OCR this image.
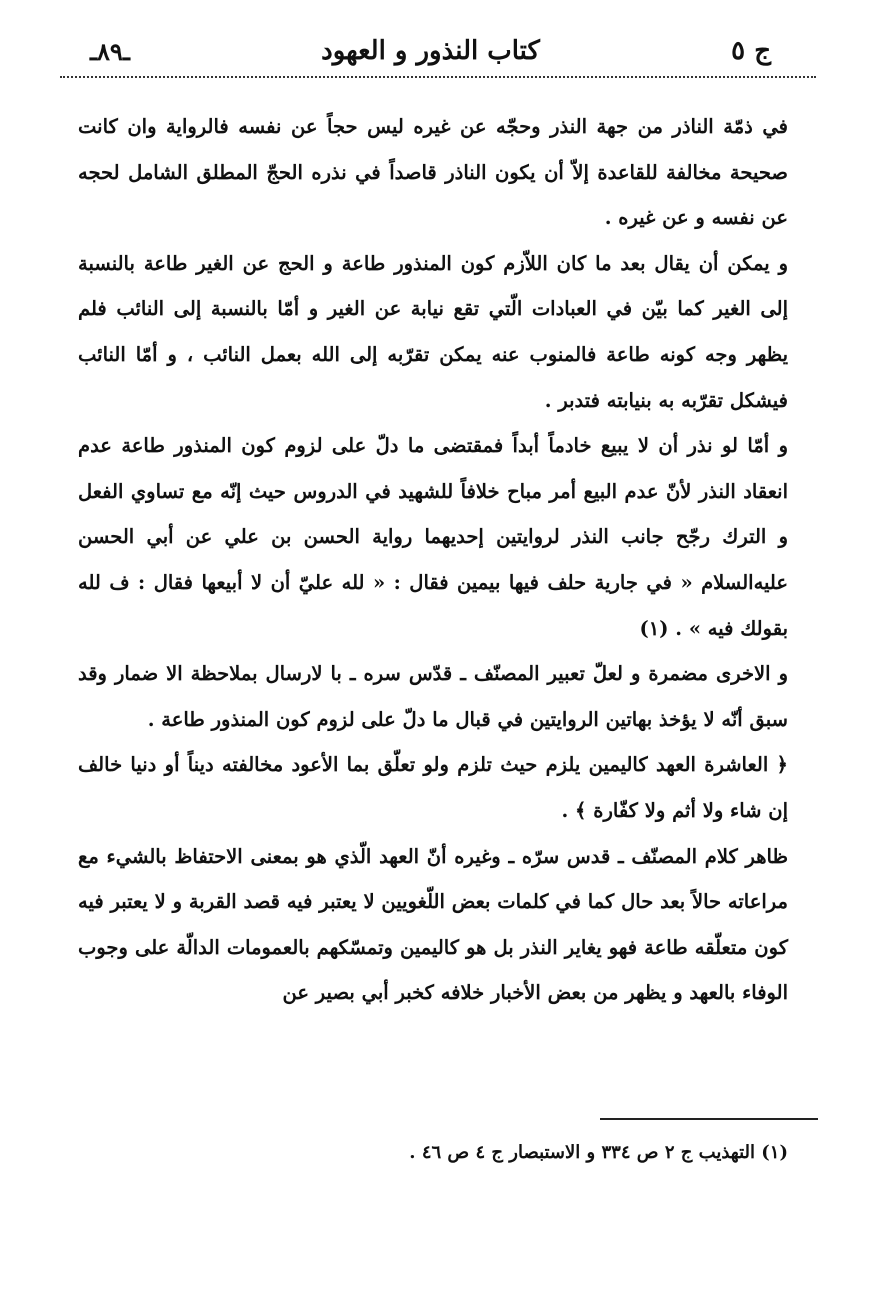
ـ٨٩ـ	كتاب النذور و العهود	ج ٥

في ذمّة الناذر من جهة النذر وحجّه عن غيره ليس حجاً عن نفسه فالرواية وان كانت صحيحة مخالفة للقاعدة إلاّ أن يكون الناذر قاصداً في نذره الحجّ المطلق الشامل لحجه عن نفسه و عن غيره .

و يمكن أن يقال بعد ما كان اللاّزم كون المنذور طاعة و الحج عن الغير طاعة بالنسبة إلى الغير كما بيّن في العبادات الّتي تقع نيابة عن الغير و أمّا بالنسبة إلى النائب فلم يظهر وجه كونه طاعة فالمنوب عنه يمكن تقرّبه إلى الله بعمل النائب ، و أمّا النائب فيشكل تقرّبه به بنيابته فتدبر .

و أمّا لو نذر أن لا يبيع خادماً أبداً فمقتضى ما دلّ على لزوم كون المنذور طاعة عدم انعقاد النذر لأنّ عدم البيع أمر مباح خلافاً للشهيد في الدروس حيث إنّه مع تساوي الفعل و الترك رجّح جانب النذر لروايتين إحديهما رواية الحسن بن علي عن أبي الحسن عليه‌السلام « في جارية حلف فيها بيمين فقال : « لله عليّ أن لا أبيعها فقال : ف لله بقولك فيه » . (١)

و الاخرى مضمرة و لعلّ تعبير المصنّف ـ قدّس سره ـ با لارسال بملاحظة الا ضمار وقد سبق أنّه لا يؤخذ بهاتين الروايتين في قبال ما دلّ على لزوم كون المنذور طاعة .

﴿ العاشرة العهد كاليمين يلزم حيث تلزم ولو تعلّق بما الأعود مخالفته ديناً أو دنيا خالف إن شاء ولا أثم ولا كفّارة ﴾ .

ظاهر كلام المصنّف ـ قدس سرّه ـ وغيره أنّ العهد الّذي هو بمعنى الاحتفاظ بالشيء مع مراعاته حالاً بعد حال كما في كلمات بعض اللّغويين لا يعتبر فيه قصد القربة و لا يعتبر فيه كون متعلّقه طاعة فهو يغاير النذر بل هو كاليمين وتمسّكهم بالعمومات الدالّة على وجوب الوفاء بالعهد و يظهر من بعض الأخبار خلافه كخبر أبي بصير عن

(١) التهذيب ج ٢ ص ٣٣٤ و الاستبصار ج ٤ ص ٤٦ .
